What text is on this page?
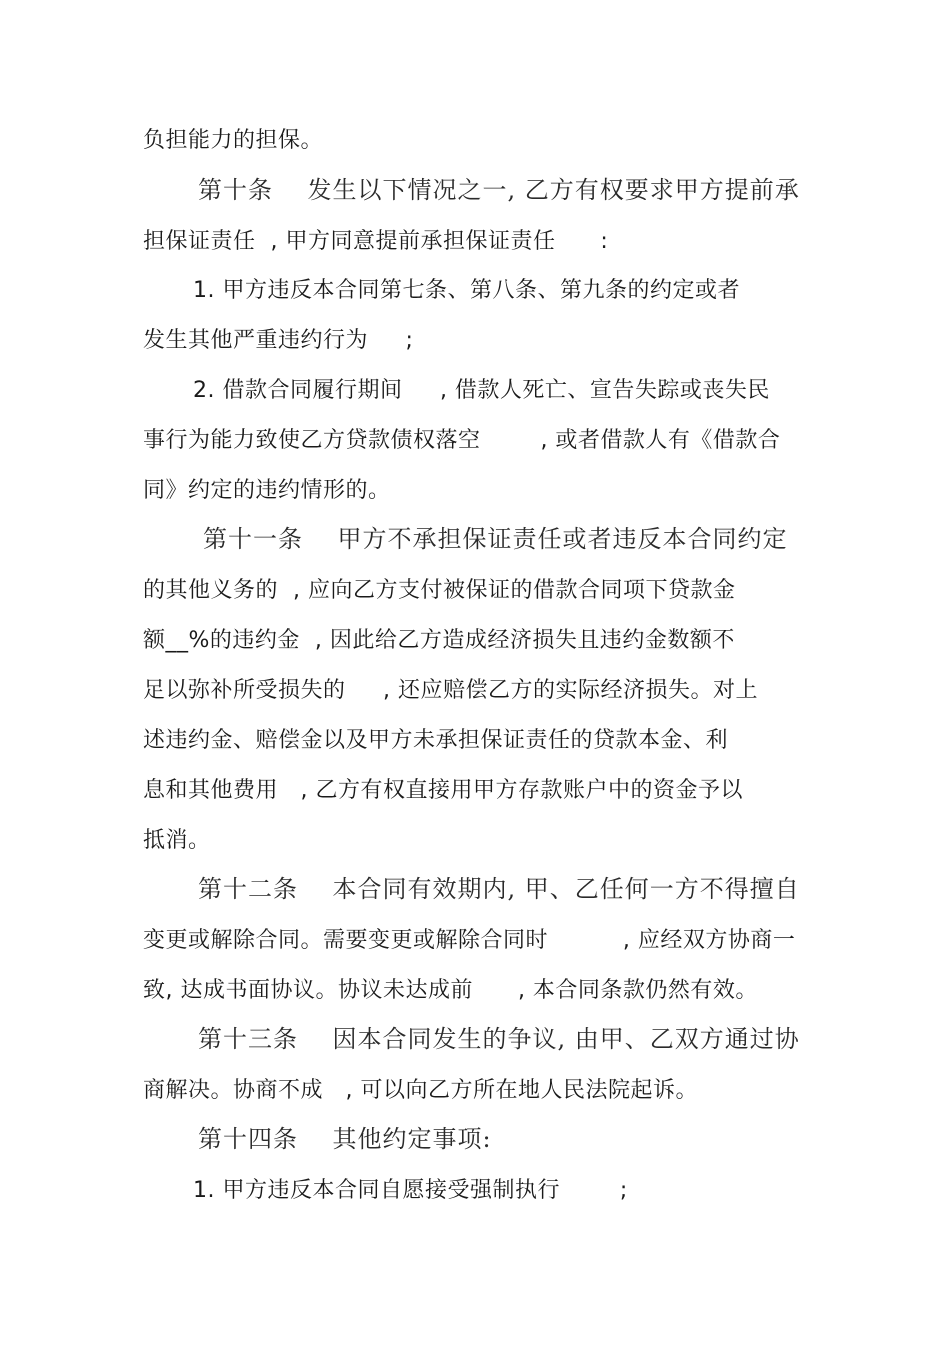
负担能力的担保。
第十条    发生以下情况之一, 乙方有权要求甲方提前承
担保证责任  , 甲方同意提前承担保证责任      :
1. 甲方违反本合同第七条、第八条、第九条的约定或者
发生其他严重违约行为     ;
2. 借款合同履行期间     , 借款人死亡、宣告失踪或丧失民
事行为能力致使乙方贷款债权落空        , 或者借款人有《借款合
同》约定的违约情形的。
第十一条    甲方不承担保证责任或者违反本合同约定
的其他义务的  , 应向乙方支付被保证的借款合同项下贷款金
额__%的违约金  , 因此给乙方造成经济损失且违约金数额不
足以弥补所受损失的     , 还应赔偿乙方的实际经济损失。对上
述违约金、赔偿金以及甲方未承担保证责任的贷款本金、利
息和其他费用   , 乙方有权直接用甲方存款账户中的资金予以
抵消。
第十二条    本合同有效期内, 甲、乙任何一方不得擅自
变更或解除合同。需要变更或解除合同时          , 应经双方协商一
致, 达成书面协议。协议未达成前      , 本合同条款仍然有效。
第十三条    因本合同发生的争议, 由甲、乙双方通过协
商解决。协商不成   , 可以向乙方所在地人民法院起诉。
第十四条    其他约定事项:
1. 甲方违反本合同自愿接受强制执行        ;
